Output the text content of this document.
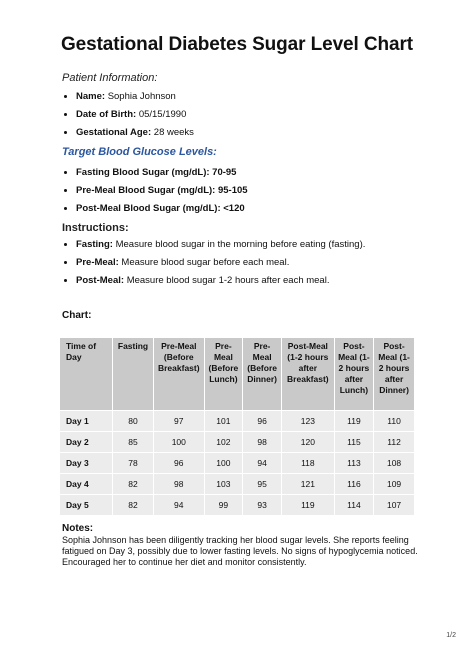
Gestational Diabetes Sugar Level Chart
Patient Information:
• Name: Sophia Johnson
• Date of Birth: 05/15/1990
• Gestational Age: 28 weeks
Target Blood Glucose Levels:
• Fasting Blood Sugar (mg/dL): 70-95
• Pre-Meal Blood Sugar (mg/dL): 95-105
• Post-Meal Blood Sugar (mg/dL): <120
Instructions:
• Fasting: Measure blood sugar in the morning before eating (fasting).
• Pre-Meal: Measure blood sugar before each meal.
• Post-Meal: Measure blood sugar 1-2 hours after each meal.
Chart:
Time of Day	Fasting	Pre-Meal (Before Breakfast)	Pre-Meal (Before Lunch)	Pre-Meal (Before Dinner)	Post-Meal (1-2 hours after Breakfast)	Post-Meal (1-2 hours after Lunch)	Post-Meal (1-2 hours after Dinner)
Day 1	80	97	101	96	123	119	110
Day 2	85	100	102	98	120	115	112
Day 3	78	96	100	94	118	113	108
Day 4	82	98	103	95	121	116	109
Day 5	82	94	99	93	119	114	107
Notes:
Sophia Johnson has been diligently tracking her blood sugar levels. She reports feeling fatigued on Day 3, possibly due to lower fasting levels. No signs of hypoglycemia noticed. Encouraged her to continue her diet and monitor consistently.
1/2
